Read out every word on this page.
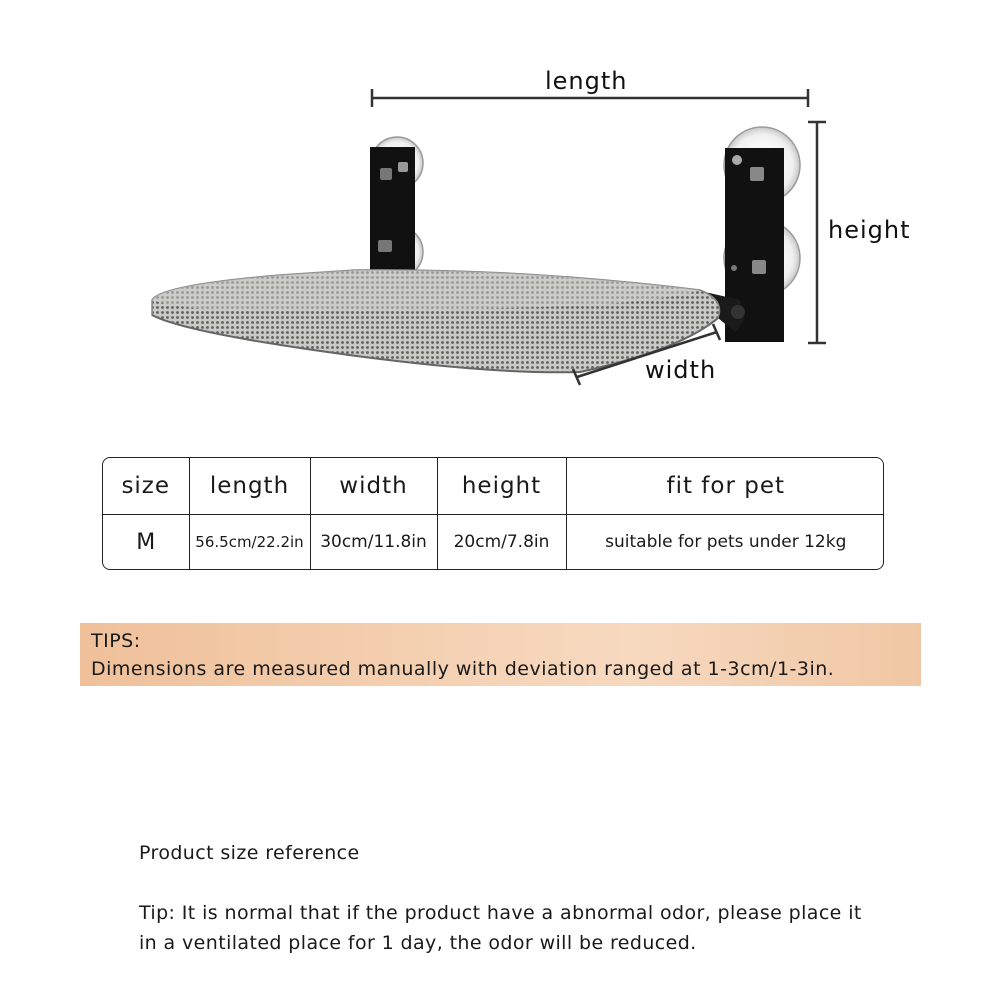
length
height
width
size	length	width	height	fit for pet
M	56.5cm/22.2in	30cm/11.8in	20cm/7.8in	suitable for pets under 12kg
TIPS:
Dimensions are measured manually with deviation ranged at 1-3cm/1-3in.
Product size reference
Tip: It is normal that if the product have a abnormal odor, please place it
in a ventilated place for 1 day, the odor will be reduced.
